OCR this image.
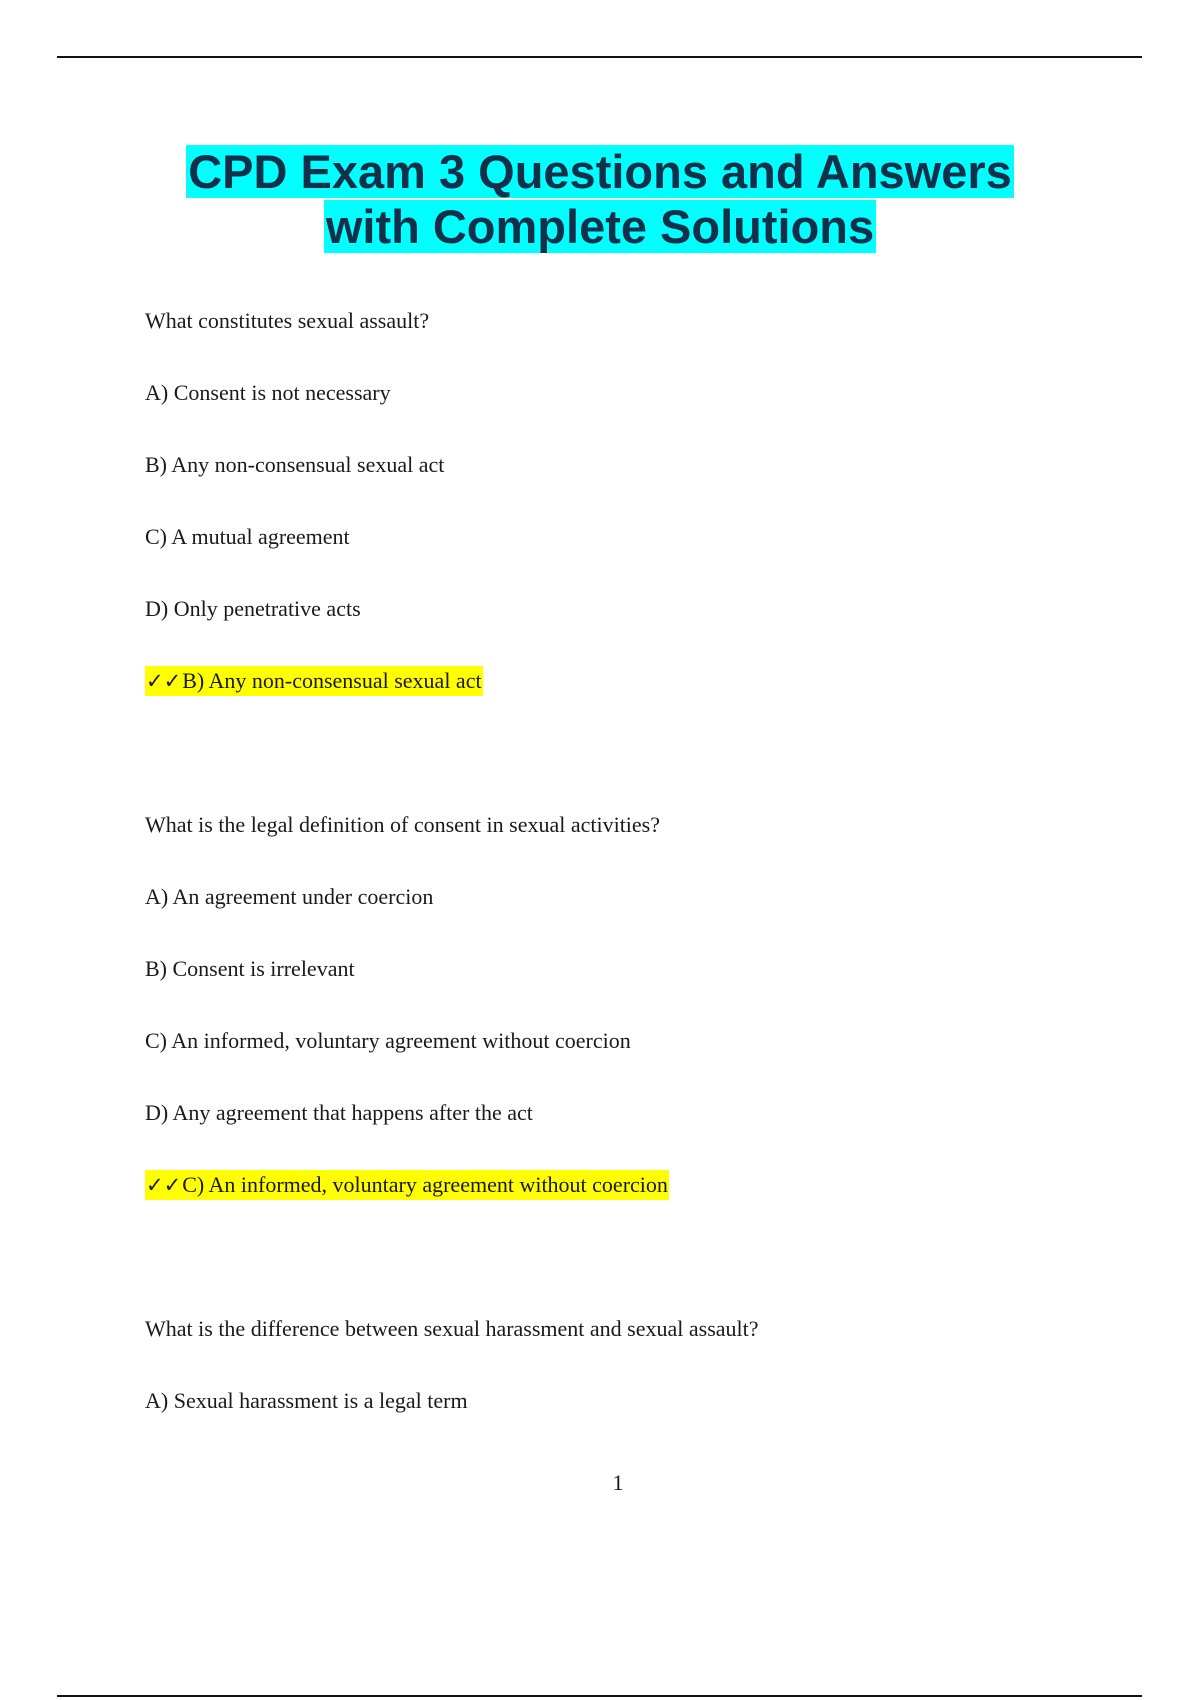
CPD Exam 3 Questions and Answers
with Complete Solutions
What constitutes sexual assault?
A) Consent is not necessary
B) Any non-consensual sexual act
C) A mutual agreement
D) Only penetrative acts
✓✓B) Any non-consensual sexual act
What is the legal definition of consent in sexual activities?
A) An agreement under coercion
B) Consent is irrelevant
C) An informed, voluntary agreement without coercion
D) Any agreement that happens after the act
✓✓C) An informed, voluntary agreement without coercion
What is the difference between sexual harassment and sexual assault?
A) Sexual harassment is a legal term
1
